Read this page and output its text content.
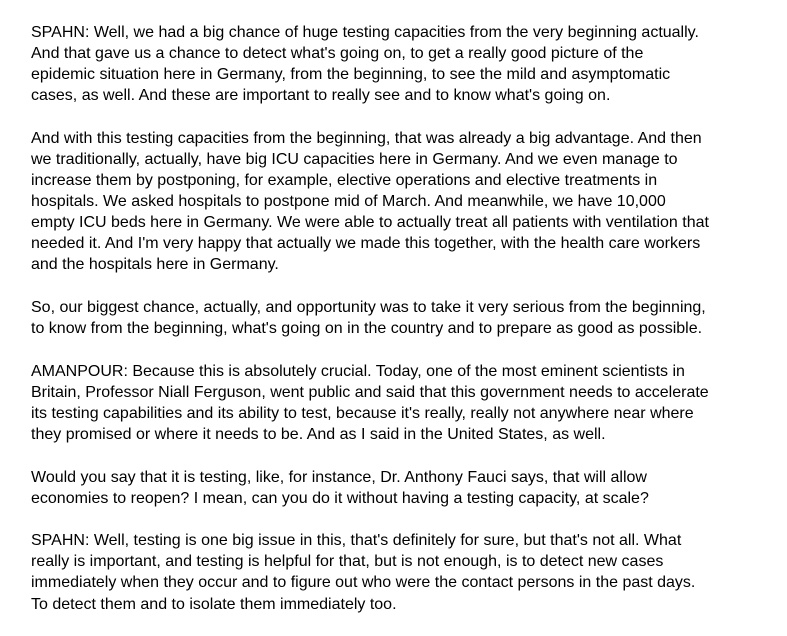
SPAHN: Well, we had a big chance of huge testing capacities from the very beginning actually.
And that gave us a chance to detect what's going on, to get a really good picture of the
epidemic situation here in Germany, from the beginning, to see the mild and asymptomatic
cases, as well. And these are important to really see and to know what's going on.

And with this testing capacities from the beginning, that was already a big advantage. And then
we traditionally, actually, have big ICU capacities here in Germany. And we even manage to
increase them by postponing, for example, elective operations and elective treatments in
hospitals. We asked hospitals to postpone mid of March. And meanwhile, we have 10,000
empty ICU beds here in Germany. We were able to actually treat all patients with ventilation that
needed it. And I'm very happy that actually we made this together, with the health care workers
and the hospitals here in Germany.

So, our biggest chance, actually, and opportunity was to take it very serious from the beginning,
to know from the beginning, what's going on in the country and to prepare as good as possible.

AMANPOUR: Because this is absolutely crucial. Today, one of the most eminent scientists in
Britain, Professor Niall Ferguson, went public and said that this government needs to accelerate
its testing capabilities and its ability to test, because it's really, really not anywhere near where
they promised or where it needs to be. And as I said in the United States, as well.

Would you say that it is testing, like, for instance, Dr. Anthony Fauci says, that will allow
economies to reopen? I mean, can you do it without having a testing capacity, at scale?

SPAHN: Well, testing is one big issue in this, that's definitely for sure, but that's not all. What
really is important, and testing is helpful for that, but is not enough, is to detect new cases
immediately when they occur and to figure out who were the contact persons in the past days.
To detect them and to isolate them immediately too.
